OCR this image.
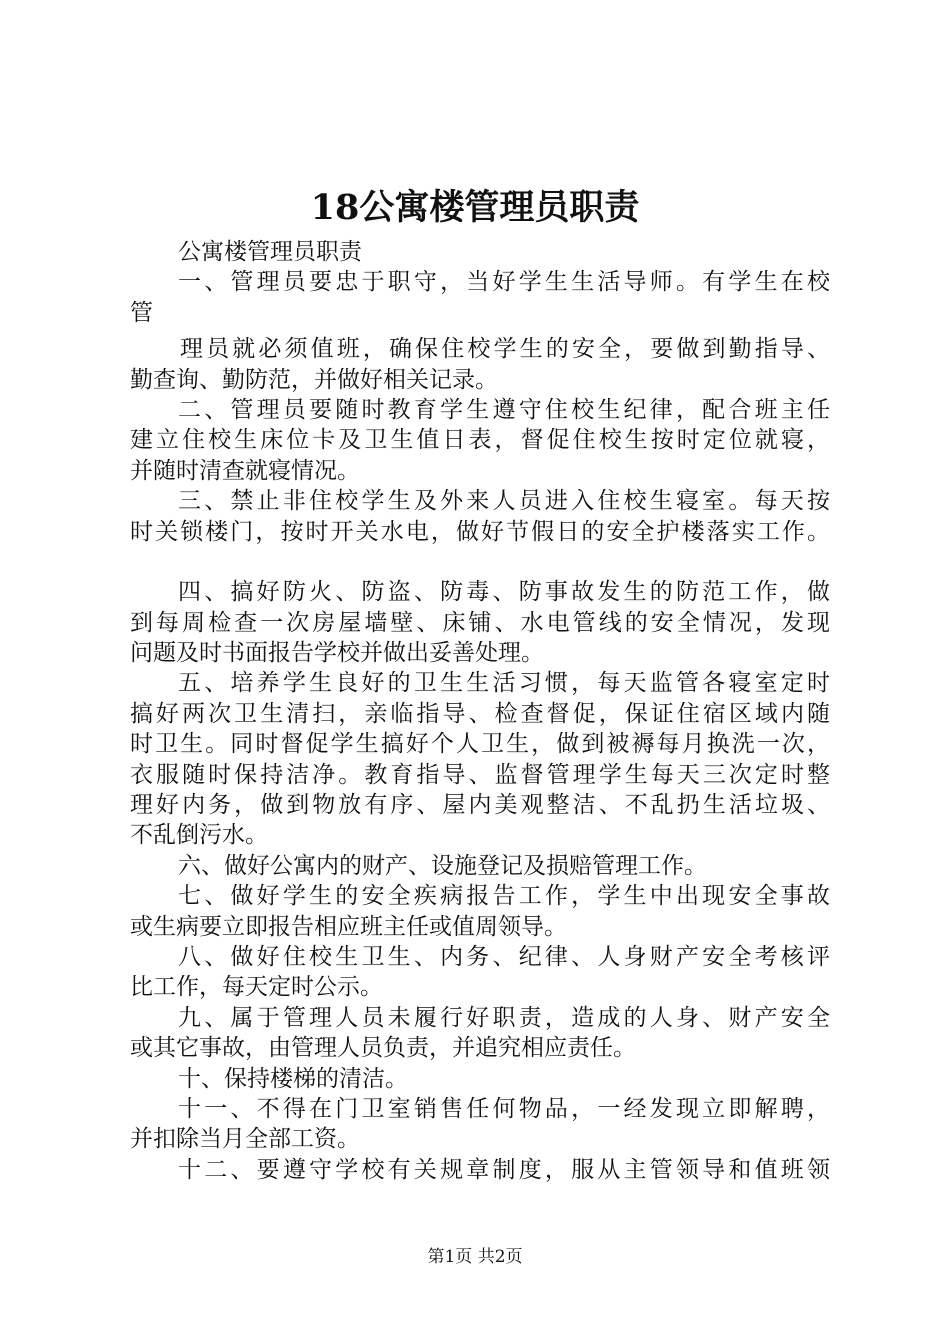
18公寓楼管理员职责
公寓楼管理员职责
一、管理员要忠于职守，当好学生生活导师。有学生在校
管
理员就必须值班，确保住校学生的安全，要做到勤指导、
勤查询、勤防范，并做好相关记录。
二、管理员要随时教育学生遵守住校生纪律，配合班主任
建立住校生床位卡及卫生值日表，督促住校生按时定位就寝，
并随时清查就寝情况。
三、禁止非住校学生及外来人员进入住校生寝室。每天按
时关锁楼门，按时开关水电，做好节假日的安全护楼落实工作。
四、搞好防火、防盗、防毒、防事故发生的防范工作，做
到每周检查一次房屋墙壁、床铺、水电管线的安全情况，发现
问题及时书面报告学校并做出妥善处理。
五、培养学生良好的卫生生活习惯，每天监管各寝室定时
搞好两次卫生清扫，亲临指导、检查督促，保证住宿区域内随
时卫生。同时督促学生搞好个人卫生，做到被褥每月换洗一次，
衣服随时保持洁净。教育指导、监督管理学生每天三次定时整
理好内务，做到物放有序、屋内美观整洁、不乱扔生活垃圾、
不乱倒污水。
六、做好公寓内的财产、设施登记及损赔管理工作。
七、做好学生的安全疾病报告工作，学生中出现安全事故
或生病要立即报告相应班主任或值周领导。
八、做好住校生卫生、内务、纪律、人身财产安全考核评
比工作，每天定时公示。
九、属于管理人员未履行好职责，造成的人身、财产安全
或其它事故，由管理人员负责，并追究相应责任。
十、保持楼梯的清洁。
十一、不得在门卫室销售任何物品，一经发现立即解聘，
并扣除当月全部工资。
十二、要遵守学校有关规章制度，服从主管领导和值班领
第1页 共2页
